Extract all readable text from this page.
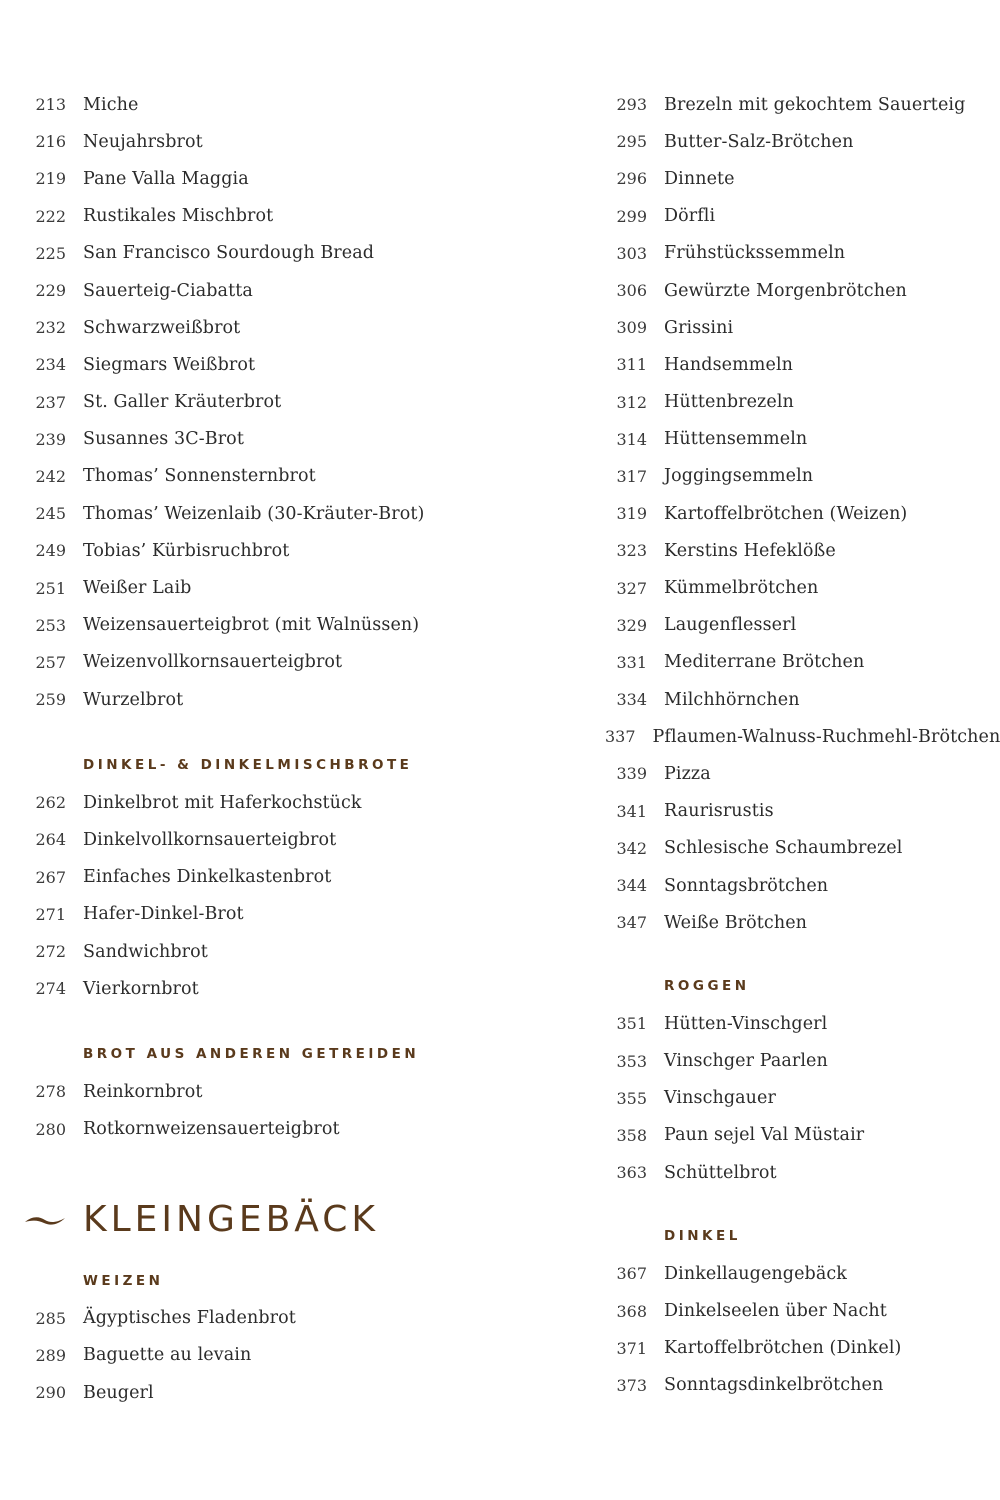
213 Miche
216 Neujahrsbrot
219 Pane Valla Maggia
222 Rustikales Mischbrot
225 San Francisco Sourdough Bread
229 Sauerteig-Ciabatta
232 Schwarzweißbrot
234 Siegmars Weißbrot
237 St. Galler Kräuterbrot
239 Susannes 3C-Brot
242 Thomas’ Sonnensternbrot
245 Thomas’ Weizenlaib (30-Kräuter-Brot)
249 Tobias’ Kürbisruchbrot
251 Weißer Laib
253 Weizensauerteigbrot (mit Walnüssen)
257 Weizenvollkornsauerteigbrot
259 Wurzelbrot
DINKEL- & DINKELMISCHBROTE
262 Dinkelbrot mit Haferkochstück
264 Dinkelvollkornsauerteigbrot
267 Einfaches Dinkelkastenbrot
271 Hafer-Dinkel-Brot
272 Sandwichbrot
274 Vierkornbrot
BROT AUS ANDEREN GETREIDEN
278 Reinkornbrot
280 Rotkornweizensauerteigbrot
KLEINGEBÄCK
WEIZEN
285 Ägyptisches Fladenbrot
289 Baguette au levain
290 Beugerl
293 Brezeln mit gekochtem Sauerteig
295 Butter-Salz-Brötchen
296 Dinnete
299 Dörfli
303 Frühstückssemmeln
306 Gewürzte Morgenbrötchen
309 Grissini
311 Handsemmeln
312 Hüttenbrezeln
314 Hüttensemmeln
317 Joggingsemmeln
319 Kartoffelbrötchen (Weizen)
323 Kerstins Hefeklöße
327 Kümmelbrötchen
329 Laugenflesserl
331 Mediterrane Brötchen
334 Milchhörnchen
337 Pflaumen-Walnuss-Ruchmehl-Brötchen
339 Pizza
341 Raurisrustis
342 Schlesische Schaumbrezel
344 Sonntagsbrötchen
347 Weiße Brötchen
ROGGEN
351 Hütten-Vinschgerl
353 Vinschger Paarlen
355 Vinschgauer
358 Paun sejel Val Müstair
363 Schüttelbrot
DINKEL
367 Dinkellaugengebäck
368 Dinkelseelen über Nacht
371 Kartoffelbrötchen (Dinkel)
373 Sonntagsdinkelbrötchen
